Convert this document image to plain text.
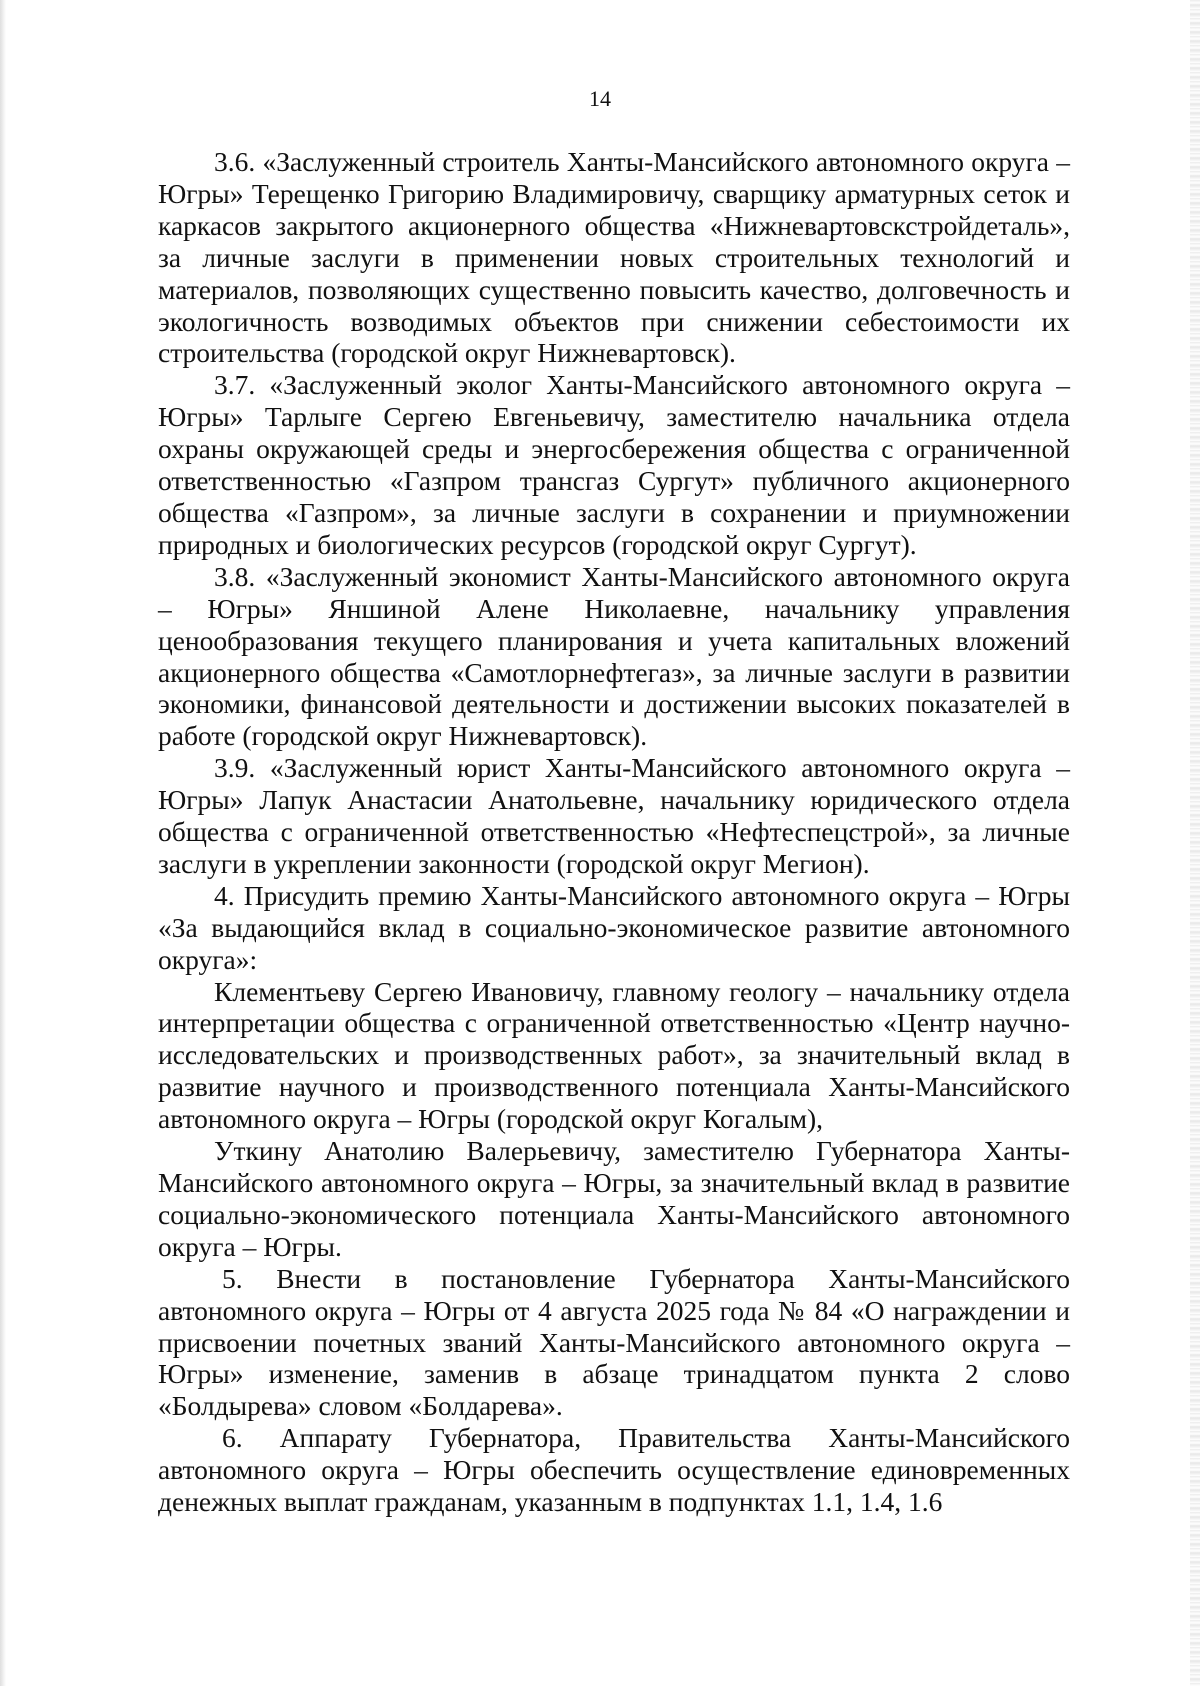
14

3.6. «Заслуженный строитель Ханты-Мансийского автономного округа – Югры» Терещенко Григорию Владимировичу, сварщику арматурных сеток и каркасов закрытого акционерного общества «Нижневартовскстройдеталь», за личные заслуги в применении новых строительных технологий и материалов, позволяющих существенно повысить качество, долговечность и экологичность возводимых объектов при снижении себестоимости их строительства (городской округ Нижневартовск).

3.7. «Заслуженный эколог Ханты-Мансийского автономного округа – Югры» Тарлыге Сергею Евгеньевичу, заместителю начальника отдела охраны окружающей среды и энергосбережения общества с ограниченной ответственностью «Газпром трансгаз Сургут» публичного акционерного общества «Газпром», за личные заслуги в сохранении и приумножении природных и биологических ресурсов (городской округ Сургут).

3.8. «Заслуженный экономист Ханты-Мансийского автономного округа – Югры» Яншиной Алене Николаевне, начальнику управления ценообразования текущего планирования и учета капитальных вложений акционерного общества «Самотлорнефтегаз», за личные заслуги в развитии экономики, финансовой деятельности и достижении высоких показателей в работе (городской округ Нижневартовск).

3.9. «Заслуженный юрист Ханты-Мансийского автономного округа – Югры» Лапук Анастасии Анатольевне, начальнику юридического отдела общества с ограниченной ответственностью «Нефтеспецстрой», за личные заслуги в укреплении законности (городской округ Мегион).

4. Присудить премию Ханты-Мансийского автономного округа – Югры «За выдающийся вклад в социально-экономическое развитие автономного округа»:

Клементьеву Сергею Ивановичу, главному геологу – начальнику отдела интерпретации общества с ограниченной ответственностью «Центр научно-исследовательских и производственных работ», за значительный вклад в развитие научного и производственного потенциала Ханты-Мансийского автономного округа – Югры (городской округ Когалым),

Уткину Анатолию Валерьевичу, заместителю Губернатора Ханты-Мансийского автономного округа – Югры, за значительный вклад в развитие социально-экономического потенциала Ханты-Мансийского автономного округа – Югры.

5. Внести в постановление Губернатора Ханты-Мансийского автономного округа – Югры от 4 августа 2025 года № 84 «О награждении и присвоении почетных званий Ханты-Мансийского автономного округа – Югры» изменение, заменив в абзаце тринадцатом пункта 2 слово «Болдырева» словом «Болдарева».

6. Аппарату Губернатора, Правительства Ханты-Мансийского автономного округа – Югры обеспечить осуществление единовременных денежных выплат гражданам, указанным в подпунктах 1.1, 1.4, 1.6
